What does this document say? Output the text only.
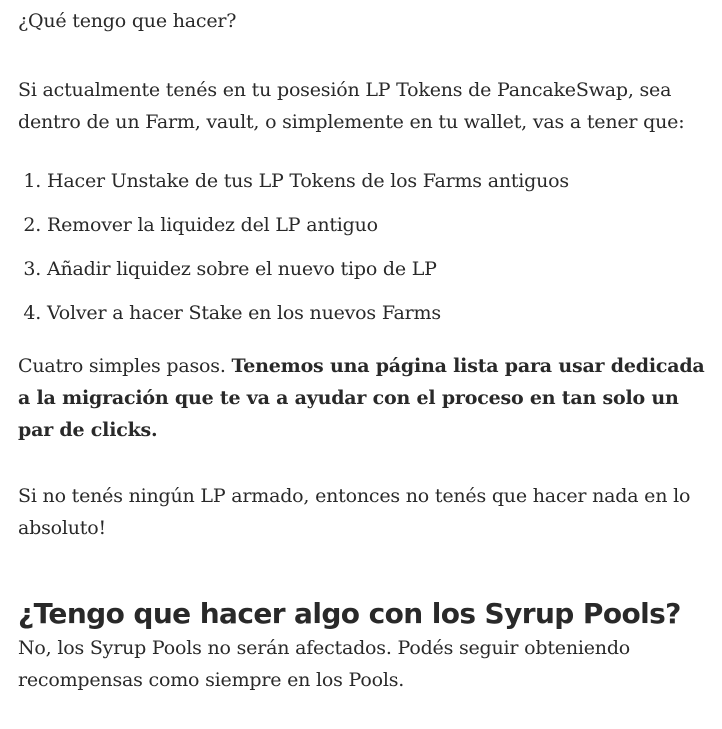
¿Qué tengo que hacer?

Si actualmente tenés en tu posesión LP Tokens de PancakeSwap, sea dentro de un Farm, vault, o simplemente en tu wallet, vas a tener que:

1. Hacer Unstake de tus LP Tokens de los Farms antiguos
2. Remover la liquidez del LP antiguo
3. Añadir liquidez sobre el nuevo tipo de LP
4. Volver a hacer Stake en los nuevos Farms

Cuatro simples pasos. Tenemos una página lista para usar dedicada a la migración que te va a ayudar con el proceso en tan solo un par de clicks.

Si no tenés ningún LP armado, entonces no tenés que hacer nada en lo absoluto!

¿Tengo que hacer algo con los Syrup Pools?

No, los Syrup Pools no serán afectados. Podés seguir obteniendo recompensas como siempre en los Pools.
